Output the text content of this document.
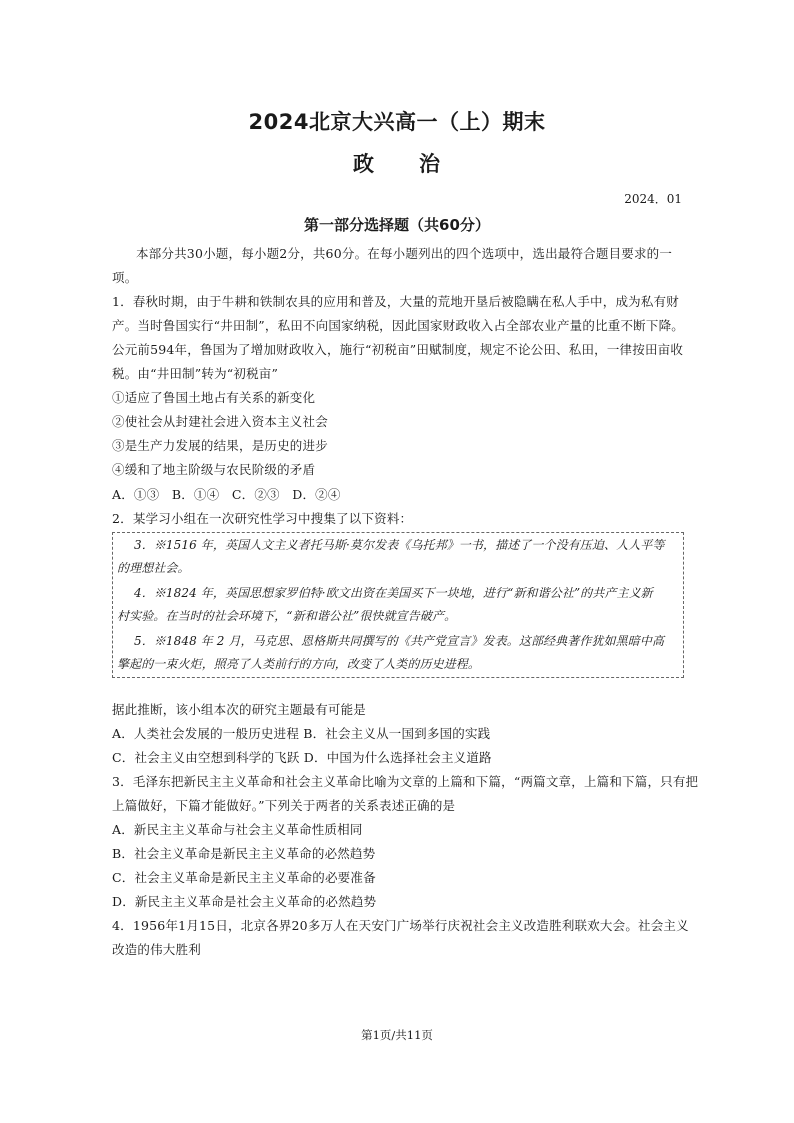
2024北京大兴高一（上）期末
政　　治
2024．01
第一部分选择题（共60分）
本部分共30小题，每小题2分，共60分。在每小题列出的四个选项中，选出最符合题目要求的一
项。
1．春秋时期，由于牛耕和铁制农具的应用和普及，大量的荒地开垦后被隐瞒在私人手中，成为私有财
产。当时鲁国实行“井田制”，私田不向国家纳税，因此国家财政收入占全部农业产量的比重不断下降。
公元前594年，鲁国为了增加财政收入，施行“初税亩”田赋制度，规定不论公田、私田，一律按田亩收
税。由“井田制”转为“初税亩”
①适应了鲁国土地占有关系的新变化
②使社会从封建社会进入资本主义社会
③是生产力发展的结果，是历史的进步
④缓和了地主阶级与农民阶级的矛盾
A．①③   B．①④   C．②③   D．②④
2．某学习小组在一次研究性学习中搜集了以下资料：
3．※1516 年，英国人文主义者托马斯·莫尔发表《乌托邦》一书，描述了一个没有压迫、人人平等
的理想社会。
4．※1824 年，英国思想家罗伯特·欧文出资在美国买下一块地，进行“新和谐公社”的共产主义新
村实验。在当时的社会环境下，“新和谐公社”很快就宣告破产。
5．※1848 年 2 月，马克思、恩格斯共同撰写的《共产党宣言》发表。这部经典著作犹如黑暗中高
擎起的一束火炬，照亮了人类前行的方向，改变了人类的历史进程。
据此推断，该小组本次的研究主题最有可能是
A．人类社会发展的一般历史进程 B．社会主义从一国到多国的实践
C．社会主义由空想到科学的飞跃 D．中国为什么选择社会主义道路
3．毛泽东把新民主主义革命和社会主义革命比喻为文章的上篇和下篇，“两篇文章，上篇和下篇，只有把
上篇做好，下篇才能做好。”下列关于两者的关系表述正确的是
A．新民主主义革命与社会主义革命性质相同
B．社会主义革命是新民主主义革命的必然趋势
C．社会主义革命是新民主主义革命的必要准备
D．新民主主义革命是社会主义革命的必然趋势
4．1956年1月15日，北京各界20多万人在天安门广场举行庆祝社会主义改造胜利联欢大会。社会主义
改造的伟大胜利
第1页/共11页
